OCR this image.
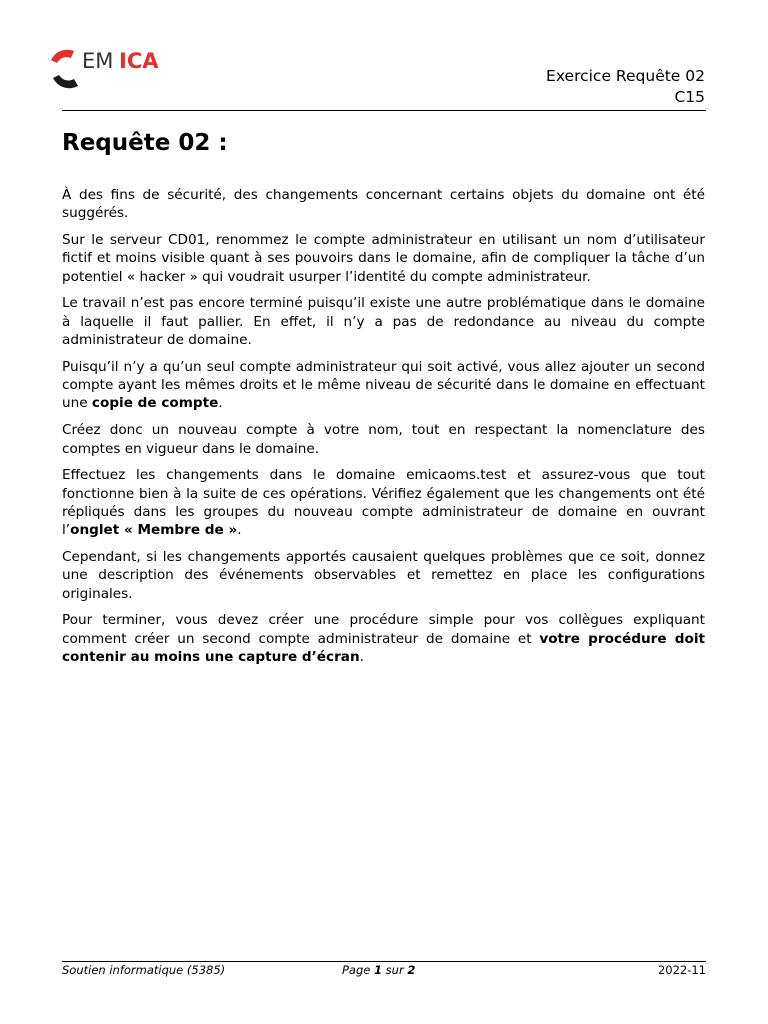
EM ICA
Exercice Requête 02
C15
Requête 02 :

À des fins de sécurité, des changements concernant certains objets du domaine ont été suggérés.

Sur le serveur CD01, renommez le compte administrateur en utilisant un nom d’utilisateur fictif et moins visible quant à ses pouvoirs dans le domaine, afin de compliquer la tâche d’un potentiel « hacker » qui voudrait usurper l’identité du compte administrateur.

Le travail n’est pas encore terminé puisqu’il existe une autre problématique dans le domaine à laquelle il faut pallier. En effet, il n’y a pas de redondance au niveau du compte administrateur de domaine.

Puisqu’il n’y a qu’un seul compte administrateur qui soit activé, vous allez ajouter un second compte ayant les mêmes droits et le même niveau de sécurité dans le domaine en effectuant une copie de compte.

Créez donc un nouveau compte à votre nom, tout en respectant la nomenclature des comptes en vigueur dans le domaine.

Effectuez les changements dans le domaine emicaoms.test et assurez-vous que tout fonctionne bien à la suite de ces opérations. Vérifiez également que les changements ont été répliqués dans les groupes du nouveau compte administrateur de domaine en ouvrant l’onglet « Membre de ».

Cependant, si les changements apportés causaient quelques problèmes que ce soit, donnez une description des événements observables et remettez en place les configurations originales.

Pour terminer, vous devez créer une procédure simple pour vos collègues expliquant comment créer un second compte administrateur de domaine et votre procédure doit contenir au moins une capture d’écran.

Soutien informatique (5385)	Page 1 sur 2	2022-11
